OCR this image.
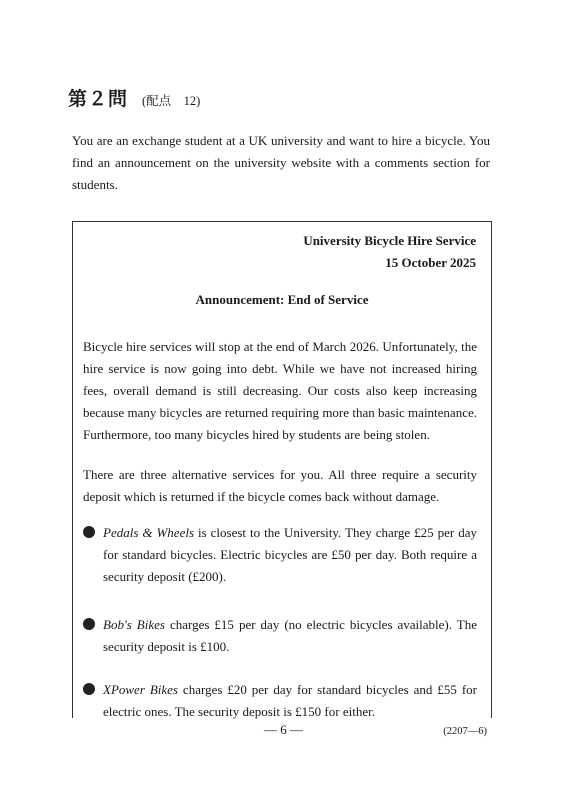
第２問 (配点　12)
You are an exchange student at a UK university and want to hire a bicycle. You find an announcement on the university website with a comments section for students.
University Bicycle Hire Service
15 October 2025
Announcement: End of Service
Bicycle hire services will stop at the end of March 2026. Unfortunately, the hire service is now going into debt. While we have not increased hiring fees, overall demand is still decreasing. Our costs also keep increasing because many bicycles are returned requiring more than basic maintenance. Furthermore, too many bicycles hired by students are being stolen.
There are three alternative services for you. All three require a security deposit which is returned if the bicycle comes back without damage.
Pedals & Wheels is closest to the University. They charge £25 per day for standard bicycles. Electric bicycles are £50 per day. Both require a security deposit (£200).
Bob's Bikes charges £15 per day (no electric bicycles available). The security deposit is £100.
XPower Bikes charges £20 per day for standard bicycles and £55 for electric ones. The security deposit is £150 for either.
— 6 —	(2207—6)
